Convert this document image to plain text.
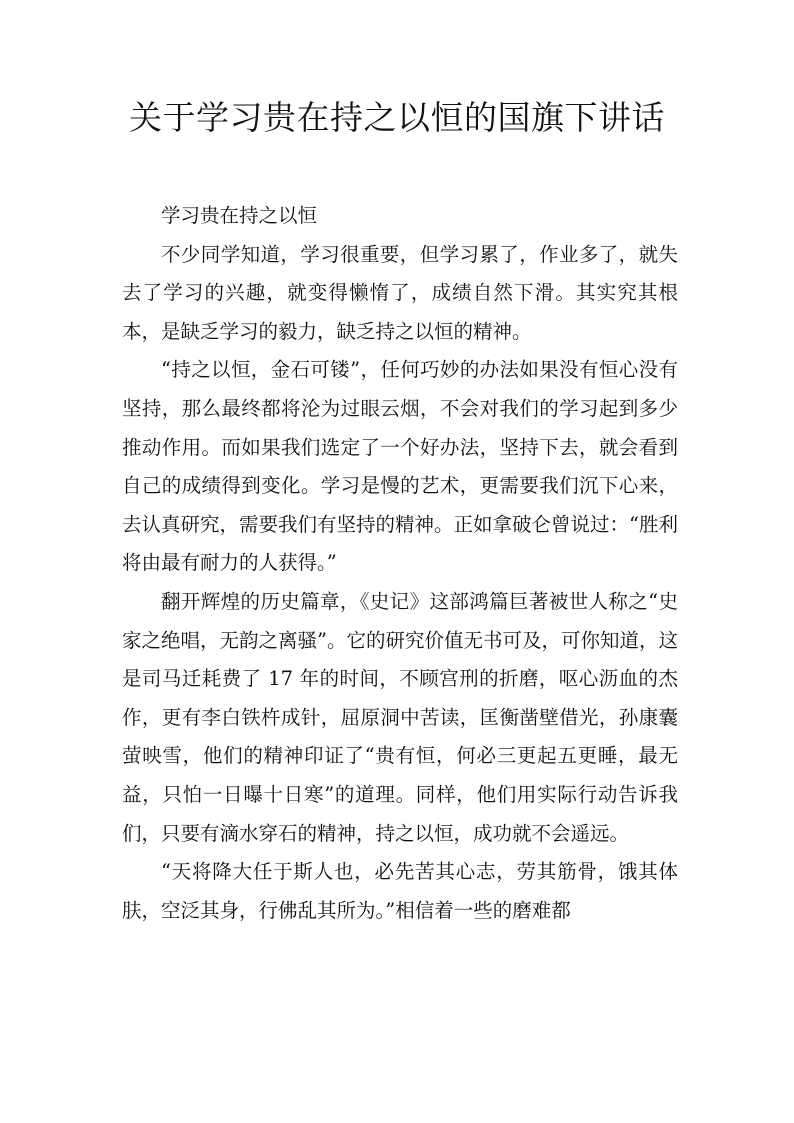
关于学习贵在持之以恒的国旗下讲话

学习贵在持之以恒

不少同学知道，学习很重要，但学习累了，作业多了，就失去了学习的兴趣，就变得懒惰了，成绩自然下滑。其实究其根本，是缺乏学习的毅力，缺乏持之以恒的精神。

“持之以恒，金石可镂”，任何巧妙的办法如果没有恒心没有坚持，那么最终都将沦为过眼云烟，不会对我们的学习起到多少推动作用。而如果我们选定了一个好办法，坚持下去，就会看到自己的成绩得到变化。学习是慢的艺术，更需要我们沉下心来，去认真研究，需要我们有坚持的精神。正如拿破仑曾说过：“胜利将由最有耐力的人获得。”

翻开辉煌的历史篇章，《史记》这部鸿篇巨著被世人称之“史家之绝唱，无韵之离骚”。它的研究价值无书可及，可你知道，这是司马迁耗费了 17 年的时间，不顾宫刑的折磨，呕心沥血的杰作，更有李白铁杵成针，屈原洞中苦读，匡衡凿壁借光，孙康囊萤映雪，他们的精神印证了“贵有恒，何必三更起五更睡，最无益，只怕一日曝十日寒”的道理。同样，他们用实际行动告诉我们，只要有滴水穿石的精神，持之以恒，成功就不会遥远。

“天将降大任于斯人也，必先苦其心志，劳其筋骨，饿其体肤，空泛其身，行佛乱其所为。”相信着一些的磨难都
